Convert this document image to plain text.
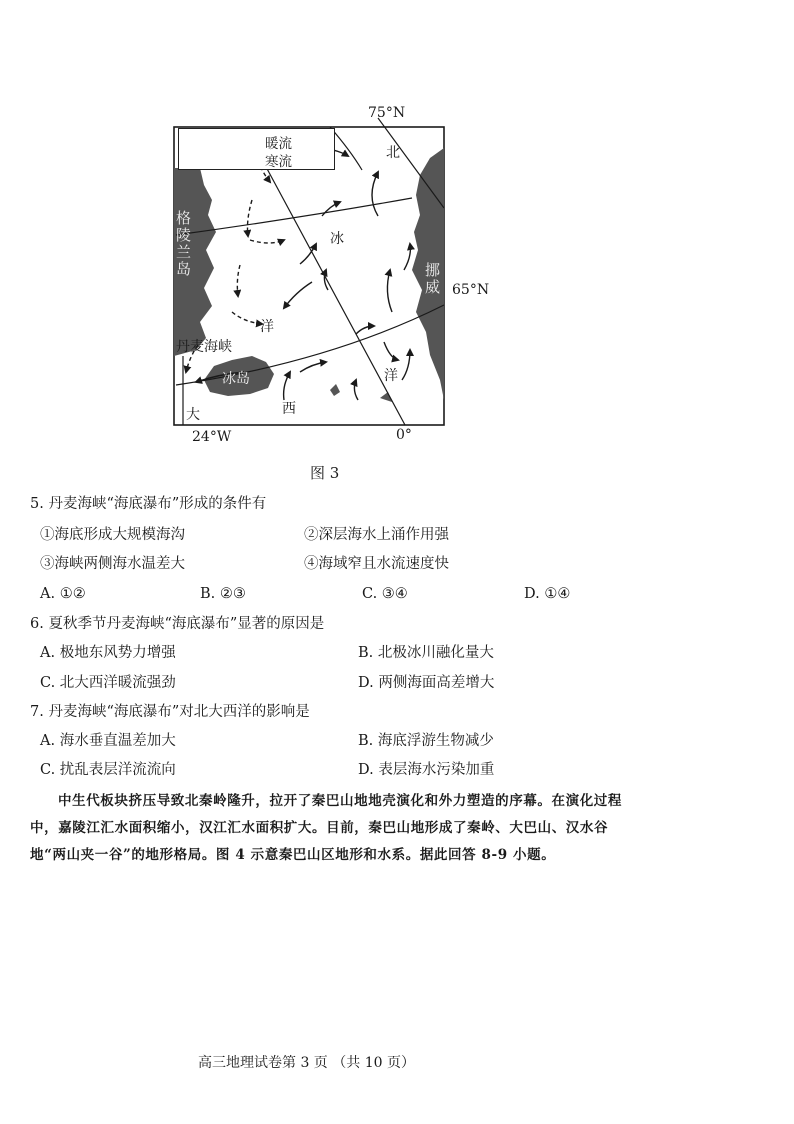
暖流
寒流
75°N
65°N
24°W	0°
格陵兰岛	挪威
丹麦海峡
冰岛
北
冰
洋
洋
大	西
图 3
5. 丹麦海峡“海底瀑布”形成的条件有
①海底形成大规模海沟	②深层海水上涌作用强
③海峡两侧海水温差大	④海域窄且水流速度快
A. ①②	B. ②③	C. ③④	D. ①④
6. 夏秋季节丹麦海峡“海底瀑布”显著的原因是
A. 极地东风势力增强	B. 北极冰川融化量大
C. 北大西洋暖流强劲	D. 两侧海面高差增大
7. 丹麦海峡“海底瀑布”对北大西洋的影响是
A. 海水垂直温差加大	B. 海底浮游生物减少
C. 扰乱表层洋流流向	D. 表层海水污染加重
中生代板块挤压导致北秦岭隆升，拉开了秦巴山地地壳演化和外力塑造的序幕。在演化过程中，嘉陵江汇水面积缩小，汉江汇水面积扩大。目前，秦巴山地形成了秦岭、大巴山、汉水谷地“两山夹一谷”的地形格局。图 4 示意秦巴山区地形和水系。据此回答 8-9 小题。
高三地理试卷第 3 页 （共 10 页）
